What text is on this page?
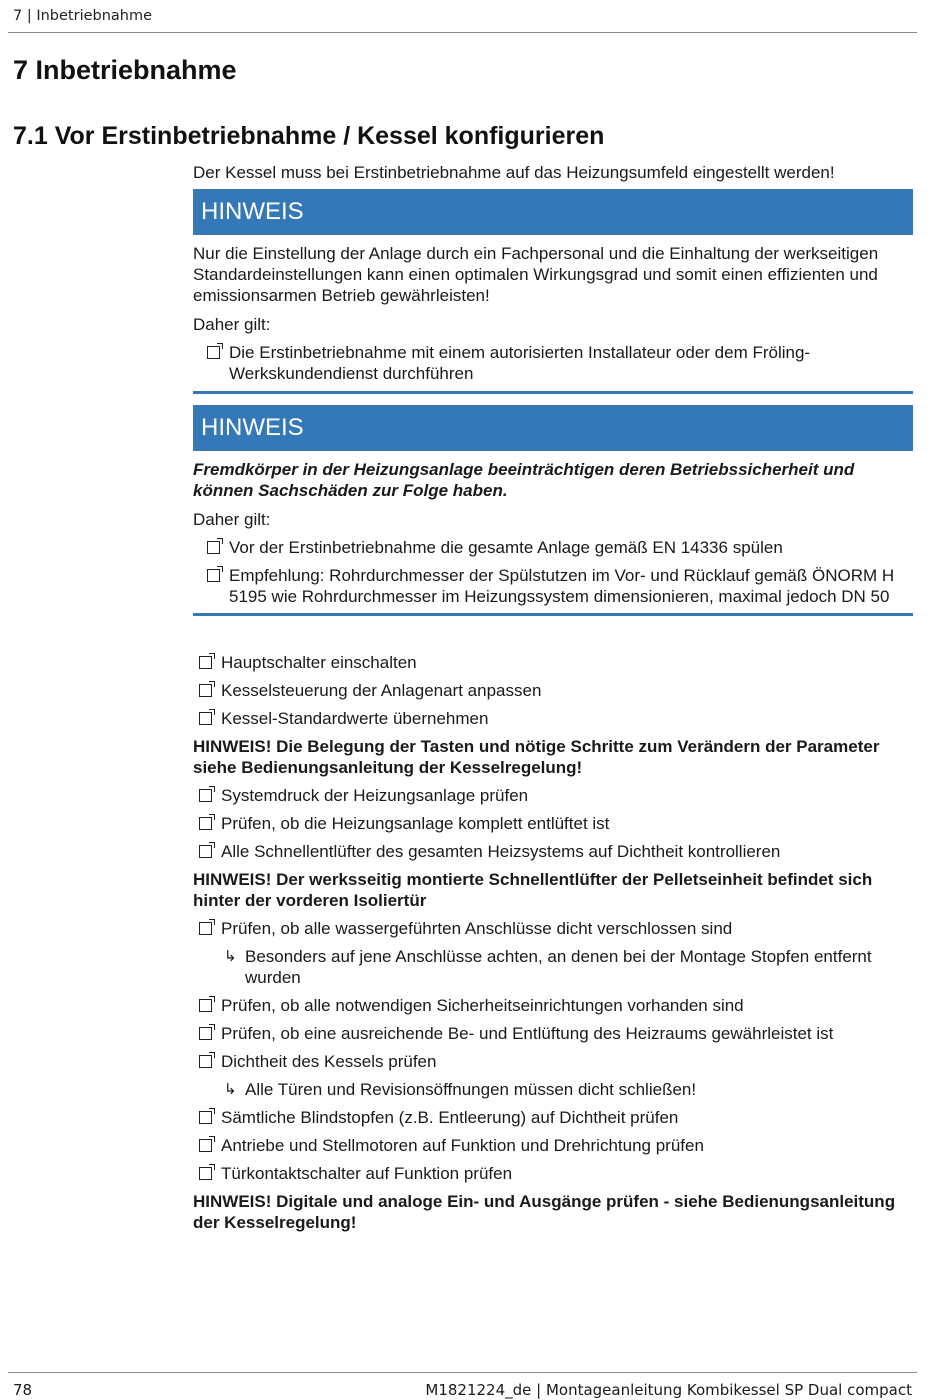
7 | Inbetriebnahme
7 Inbetriebnahme
7.1 Vor Erstinbetriebnahme / Kessel konfigurieren
Der Kessel muss bei Erstinbetriebnahme auf das Heizungsumfeld eingestellt werden!
HINWEIS

Nur die Einstellung der Anlage durch ein Fachpersonal und die Einhaltung der werkseitigen Standardeinstellungen kann einen optimalen Wirkungsgrad und somit einen effizienten und emissionsarmen Betrieb gewährleisten!

Daher gilt:

Die Erstinbetriebnahme mit einem autorisierten Installateur oder dem Fröling-Werkskundendienst durchführen
HINWEIS

Fremdkörper in der Heizungsanlage beeinträchtigen deren Betriebssicherheit und können Sachschäden zur Folge haben.

Daher gilt:

Vor der Erstinbetriebnahme die gesamte Anlage gemäß EN 14336 spülen
Empfehlung: Rohrdurchmesser der Spülstutzen im Vor- und Rücklauf gemäß ÖNORM H 5195 wie Rohrdurchmesser im Heizungssystem dimensionieren, maximal jedoch DN 50
Hauptschalter einschalten
Kesselsteuerung der Anlagenart anpassen
Kessel-Standardwerte übernehmen
HINWEIS! Die Belegung der Tasten und nötige Schritte zum Verändern der Parameter siehe Bedienungsanleitung der Kesselregelung!
Systemdruck der Heizungsanlage prüfen
Prüfen, ob die Heizungsanlage komplett entlüftet ist
Alle Schnellentlüfter des gesamten Heizsystems auf Dichtheit kontrollieren
HINWEIS! Der werksseitig montierte Schnellentlüfter der Pelletseinheit befindet sich hinter der vorderen Isoliertür
Prüfen, ob alle wassergeführten Anschlüsse dicht verschlossen sind
↳ Besonders auf jene Anschlüsse achten, an denen bei der Montage Stopfen entfernt wurden
Prüfen, ob alle notwendigen Sicherheitseinrichtungen vorhanden sind
Prüfen, ob eine ausreichende Be- und Entlüftung des Heizraums gewährleistet ist
Dichtheit des Kessels prüfen
↳ Alle Türen und Revisionsöffnungen müssen dicht schließen!
Sämtliche Blindstopfen (z.B. Entleerung) auf Dichtheit prüfen
Antriebe und Stellmotoren auf Funktion und Drehrichtung prüfen
Türkontaktschalter auf Funktion prüfen
HINWEIS! Digitale und analoge Ein- und Ausgänge prüfen - siehe Bedienungsanleitung der Kesselregelung!
78	M1821224_de | Montageanleitung Kombikessel SP Dual compact
